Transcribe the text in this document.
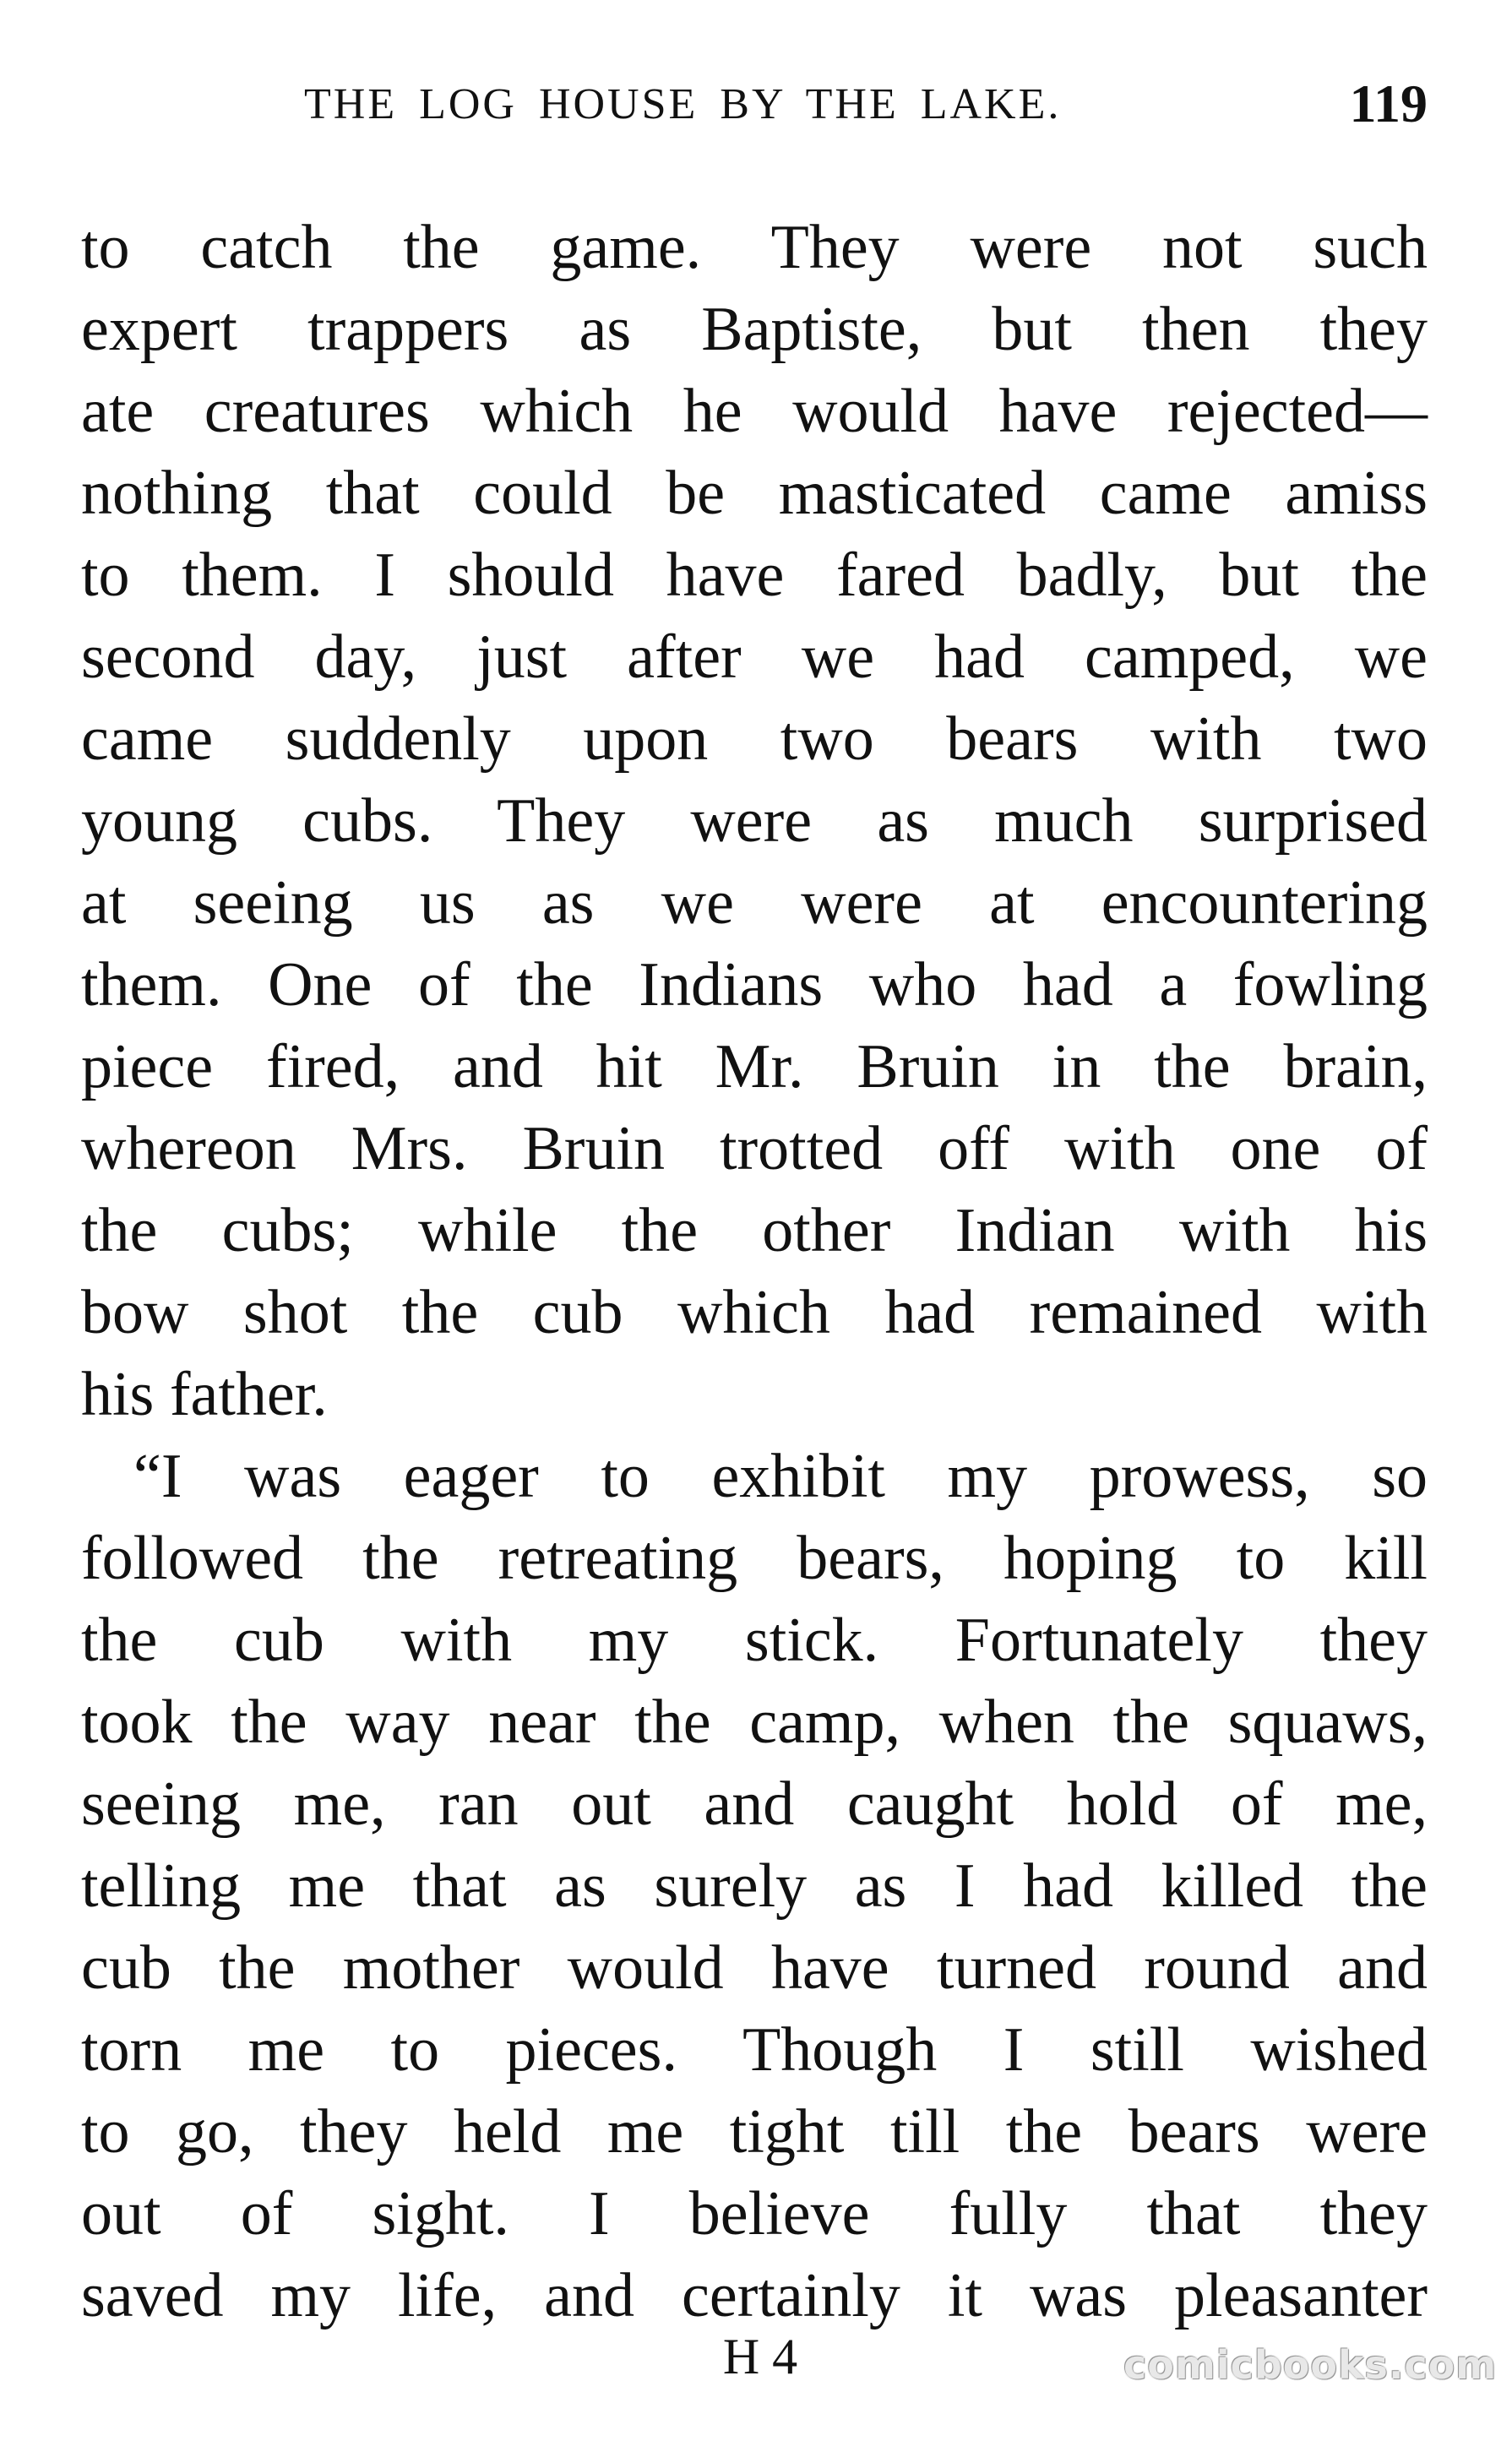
THE LOG HOUSE BY THE LAKE.	119
to catch the game. They were not such
expert trappers as Baptiste, but then they
ate creatures which he would have rejected—
nothing that could be masticated came amiss
to them. I should have fared badly, but the
second day, just after we had camped, we
came suddenly upon two bears with two
young cubs. They were as much surprised
at seeing us as we were at encountering
them. One of the Indians who had a fowling
piece fired, and hit Mr. Bruin in the brain,
whereon Mrs. Bruin trotted off with one of
the cubs; while the other Indian with his
bow shot the cub which had remained with
his father.
“I was eager to exhibit my prowess, so
followed the retreating bears, hoping to kill
the cub with my stick. Fortunately they
took the way near the camp, when the squaws,
seeing me, ran out and caught hold of me,
telling me that as surely as I had killed the
cub the mother would have turned round and
torn me to pieces. Though I still wished
to go, they held me tight till the bears were
out of sight. I believe fully that they
saved my life, and certainly it was pleasanter
H 4	comicbooks.com
